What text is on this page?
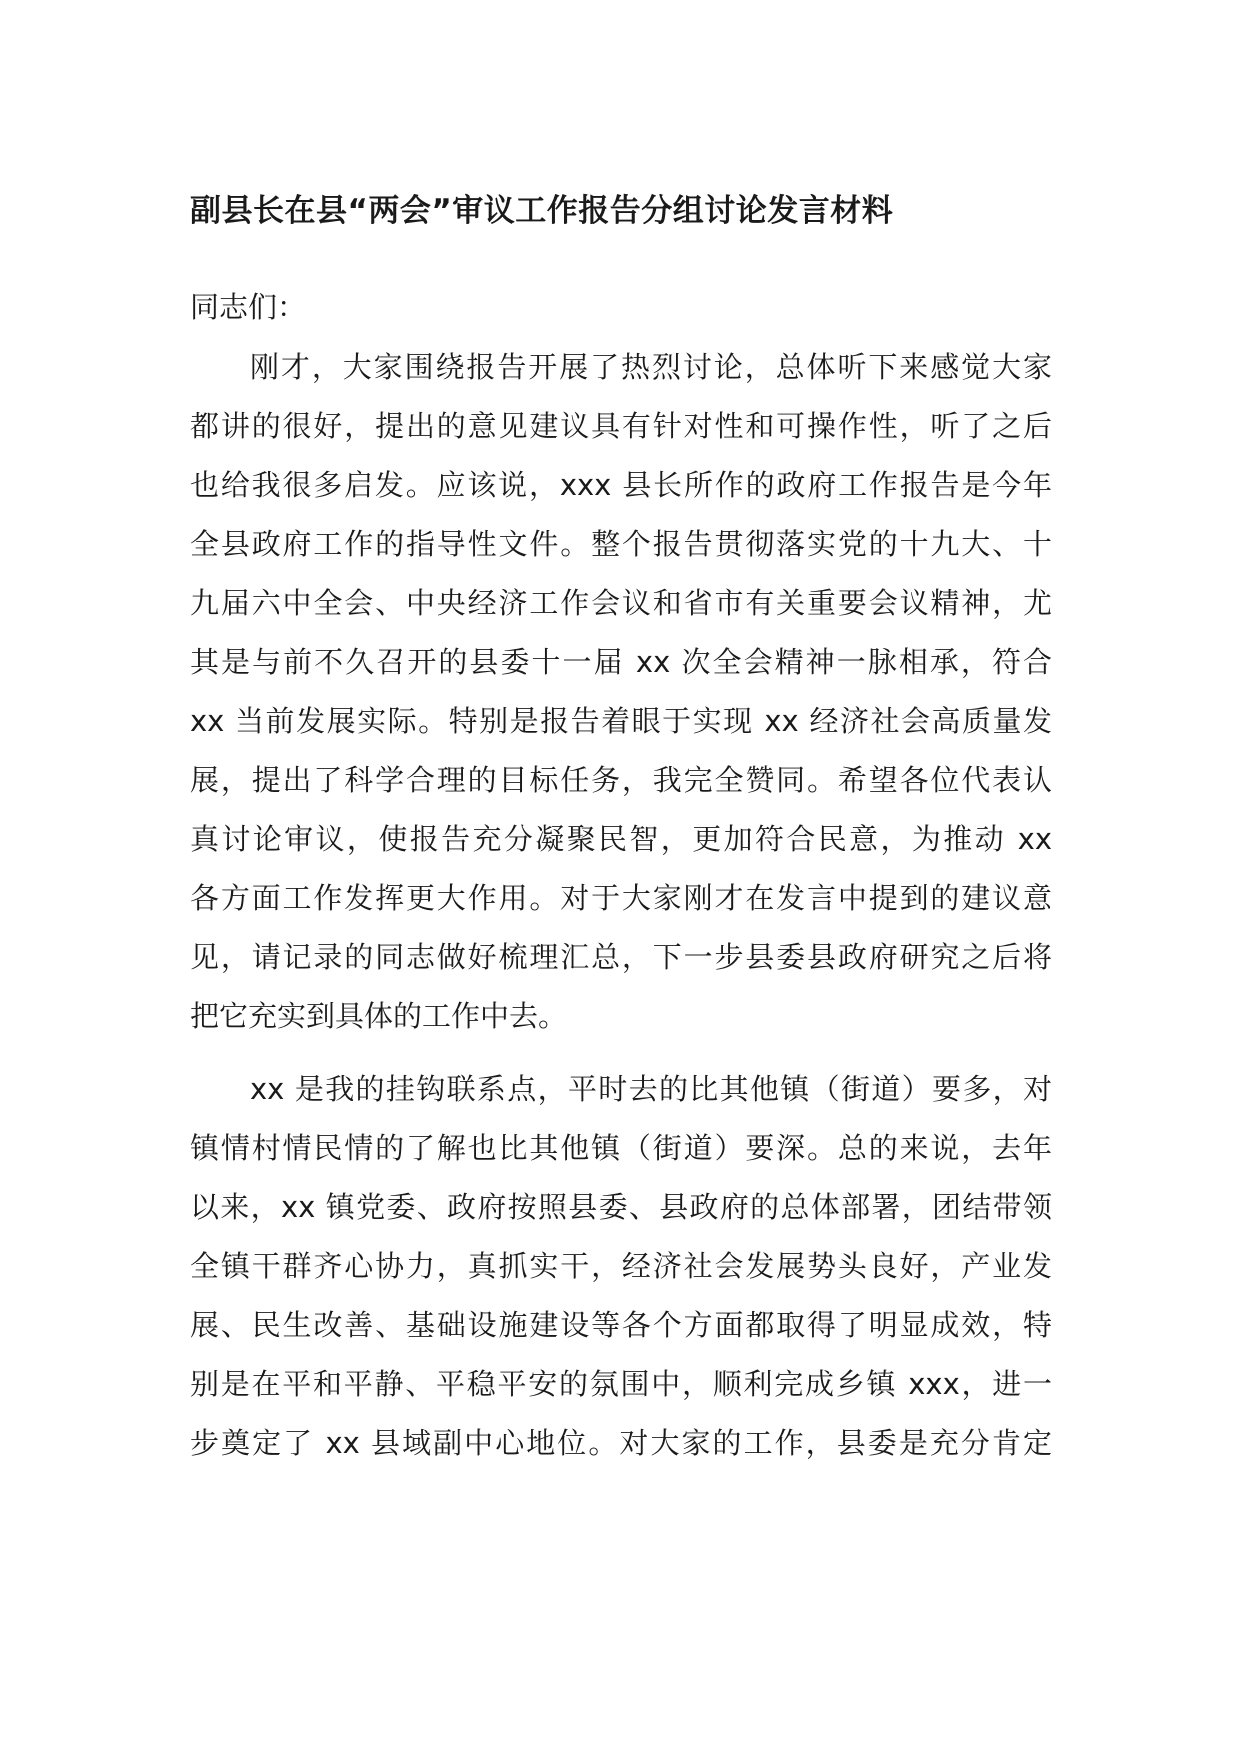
副县长在县“两会”审议工作报告分组讨论发言材料
同志们：
刚才，大家围绕报告开展了热烈讨论，总体听下来感觉大家
都讲的很好，提出的意见建议具有针对性和可操作性，听了之后
也给我很多启发。应该说，xxx 县长所作的政府工作报告是今年
全县政府工作的指导性文件。整个报告贯彻落实党的十九大、十
九届六中全会、中央经济工作会议和省市有关重要会议精神，尤
其是与前不久召开的县委十一届 xx 次全会精神一脉相承，符合
xx 当前发展实际。特别是报告着眼于实现 xx 经济社会高质量发
展，提出了科学合理的目标任务，我完全赞同。希望各位代表认
真讨论审议，使报告充分凝聚民智，更加符合民意，为推动 xx
各方面工作发挥更大作用。对于大家刚才在发言中提到的建议意
见，请记录的同志做好梳理汇总，下一步县委县政府研究之后将
把它充实到具体的工作中去。
xx 是我的挂钩联系点，平时去的比其他镇（街道）要多，对
镇情村情民情的了解也比其他镇（街道）要深。总的来说，去年
以来，xx 镇党委、政府按照县委、县政府的总体部署，团结带领
全镇干群齐心协力，真抓实干，经济社会发展势头良好，产业发
展、民生改善、基础设施建设等各个方面都取得了明显成效，特
别是在平和平静、平稳平安的氛围中，顺利完成乡镇 xxx，进一
步奠定了 xx 县域副中心地位。对大家的工作，县委是充分肯定
